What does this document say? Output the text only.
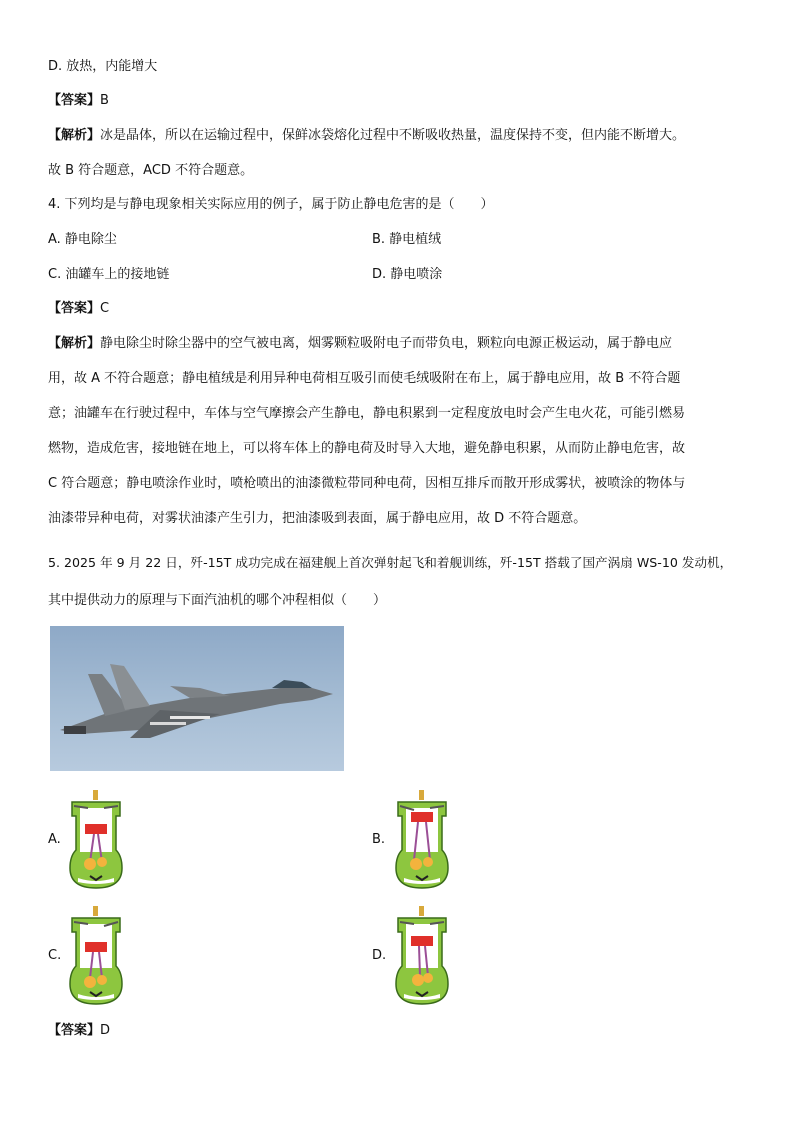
D. 放热，内能增大
【答案】B
【解析】冰是晶体，所以在运输过程中，保鲜冰袋熔化过程中不断吸收热量，温度保持不变，但内能不断增大。
故 B 符合题意，ACD 不符合题意。
4. 下列均是与静电现象相关实际应用的例子，属于防止静电危害的是（　　）
A. 静电除尘	B. 静电植绒
C. 油罐车上的接地链	D. 静电喷涂
【答案】C
【解析】静电除尘时除尘器中的空气被电离，烟雾颗粒吸附电子而带负电，颗粒向电源正极运动，属于静电应
用，故 A 不符合题意；静电植绒是利用异种电荷相互吸引而使毛绒吸附在布上，属于静电应用，故 B 不符合题
意；油罐车在行驶过程中，车体与空气摩擦会产生静电，静电积累到一定程度放电时会产生电火花，可能引燃易
燃物，造成危害，接地链在地上，可以将车体上的静电荷及时导入大地，避免静电积累，从而防止静电危害，故
C 符合题意；静电喷涂作业时，喷枪喷出的油漆微粒带同种电荷，因相互排斥而散开形成雾状，被喷涂的物体与
油漆带异种电荷，对雾状油漆产生引力，把油漆吸到表面，属于静电应用，故 D 不符合题意。
5. 2025 年 9 月 22 日，歼-15T 成功完成在福建舰上首次弹射起飞和着舰训练，歼-15T 搭载了国产涡扇 WS-10 发动机，
其中提供动力的原理与下面汽油机的哪个冲程相似（　　）
A.	B.
C.	D.
【答案】D
